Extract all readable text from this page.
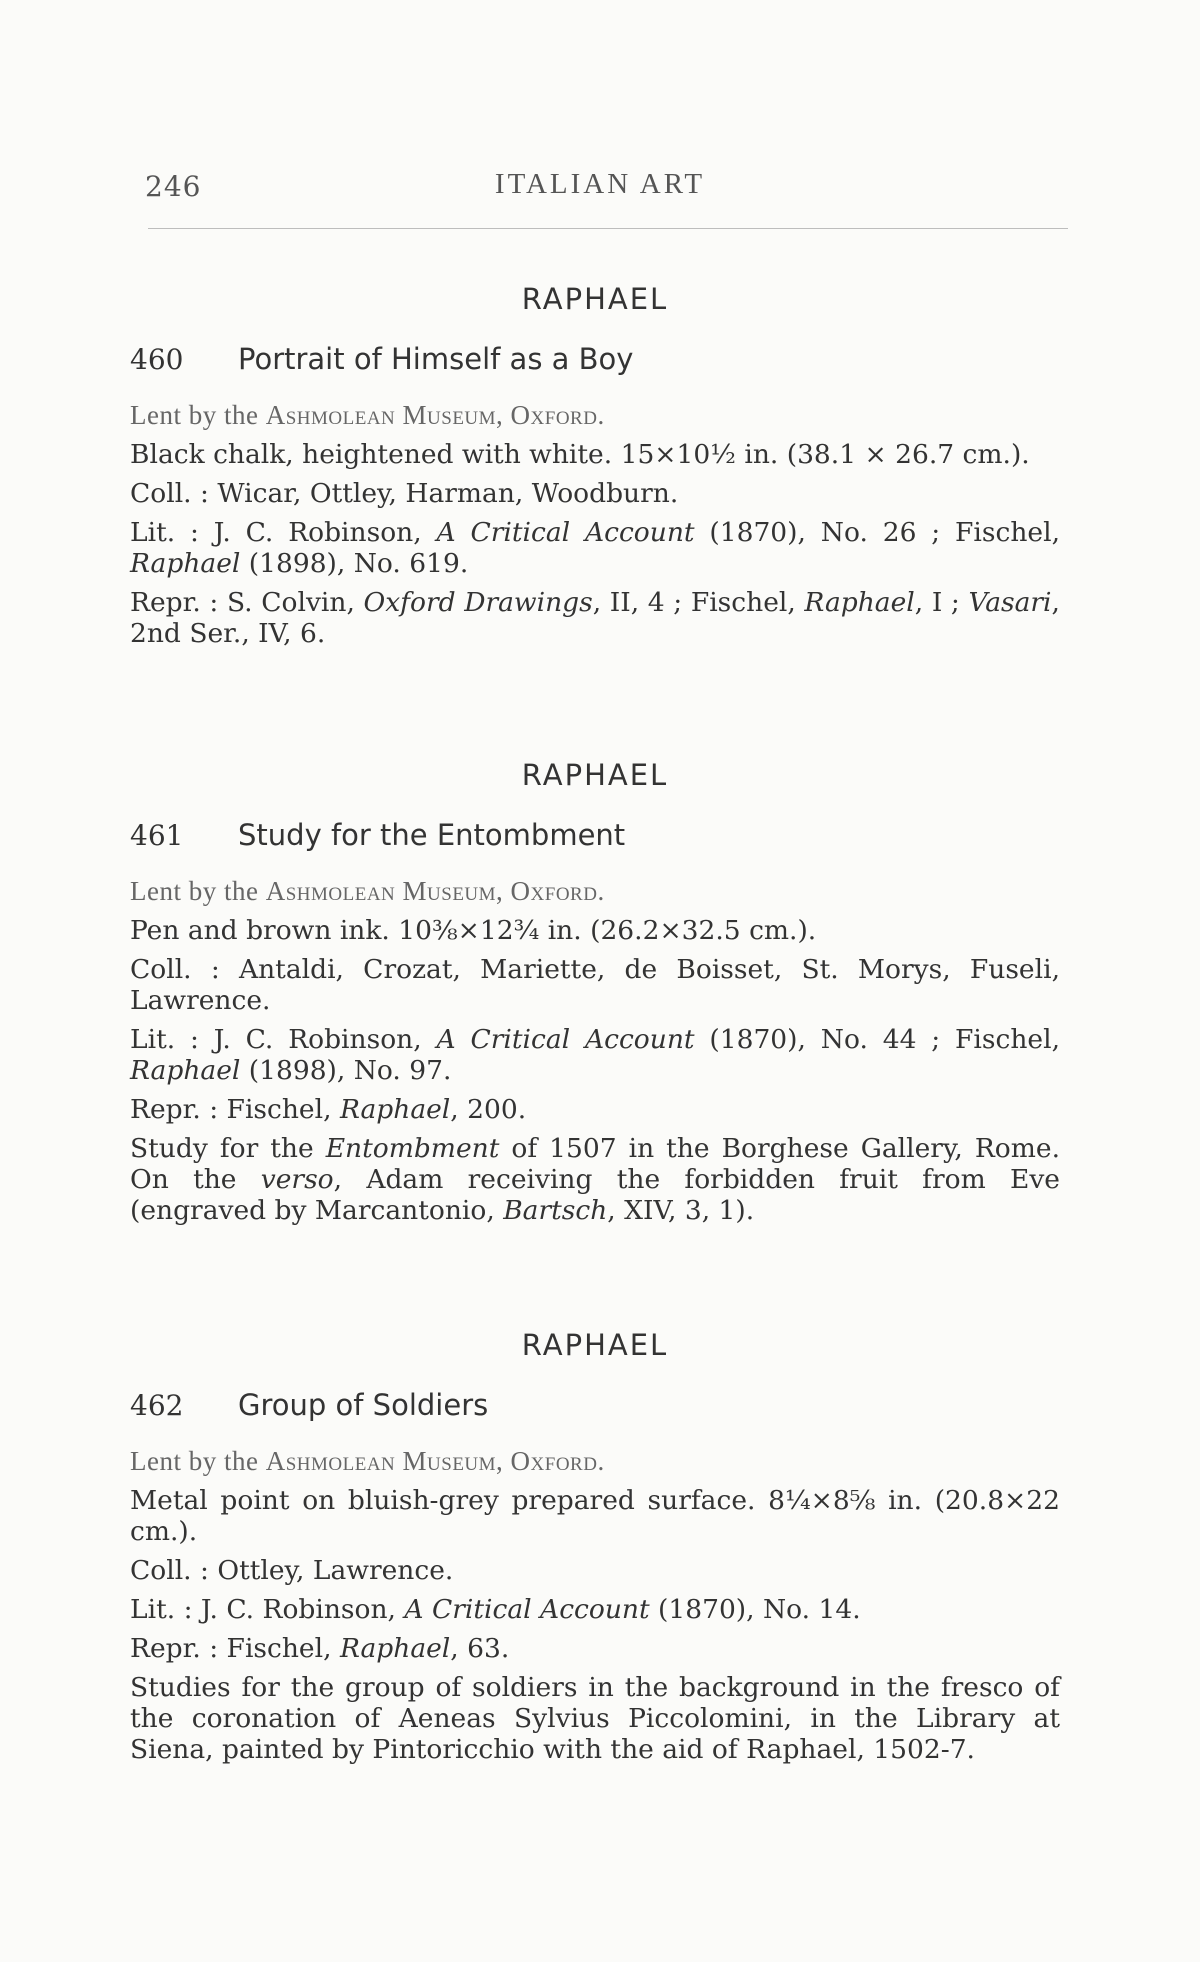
246	ITALIAN ART
RAPHAEL
460 Portrait of Himself as a Boy
Lent by the Ashmolean Museum, Oxford.
Black chalk, heightened with white. 15×10½ in. (38.1 × 26.7 cm.).
Coll. : Wicar, Ottley, Harman, Woodburn.
Lit. : J. C. Robinson, A Critical Account (1870), No. 26 ; Fischel, Raphael (1898), No. 619.
Repr. : S. Colvin, Oxford Drawings, II, 4 ; Fischel, Raphael, I ; Vasari, 2nd Ser., IV, 6.
RAPHAEL
461 Study for the Entombment
Lent by the Ashmolean Museum, Oxford.
Pen and brown ink. 10⅜×12¾ in. (26.2×32.5 cm.).
Coll. : Antaldi, Crozat, Mariette, de Boisset, St. Morys, Fuseli, Lawrence.
Lit. : J. C. Robinson, A Critical Account (1870), No. 44 ; Fischel, Raphael (1898), No. 97.
Repr. : Fischel, Raphael, 200.
Study for the Entombment of 1507 in the Borghese Gallery, Rome. On the verso, Adam receiving the forbidden fruit from Eve (engraved by Marcantonio, Bartsch, XIV, 3, 1).
RAPHAEL
462 Group of Soldiers
Lent by the Ashmolean Museum, Oxford.
Metal point on bluish-grey prepared surface. 8¼×8⅝ in. (20.8×22 cm.).
Coll. : Ottley, Lawrence.
Lit. : J. C. Robinson, A Critical Account (1870), No. 14.
Repr. : Fischel, Raphael, 63.
Studies for the group of soldiers in the background in the fresco of the coronation of Aeneas Sylvius Piccolomini, in the Library at Siena, painted by Pintoricchio with the aid of Raphael, 1502-7.
